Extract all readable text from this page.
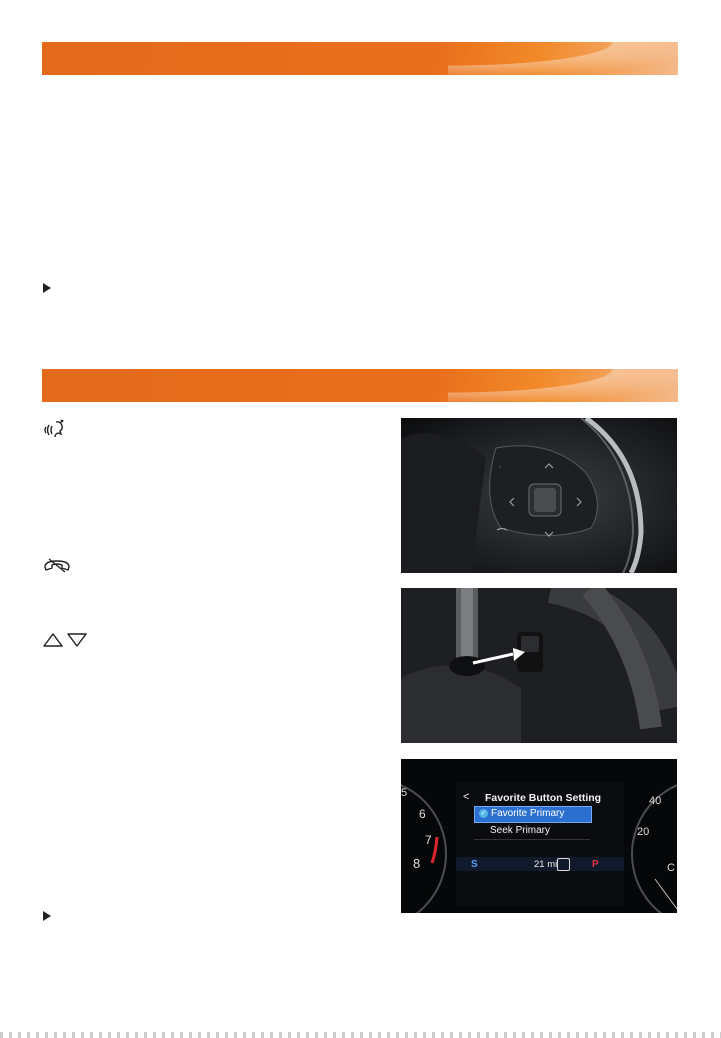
·
5
6
7
8
40
20
C
< Favorite Button Setting
✓ Favorite Primary
Seek Primary
S	21 mi	P
